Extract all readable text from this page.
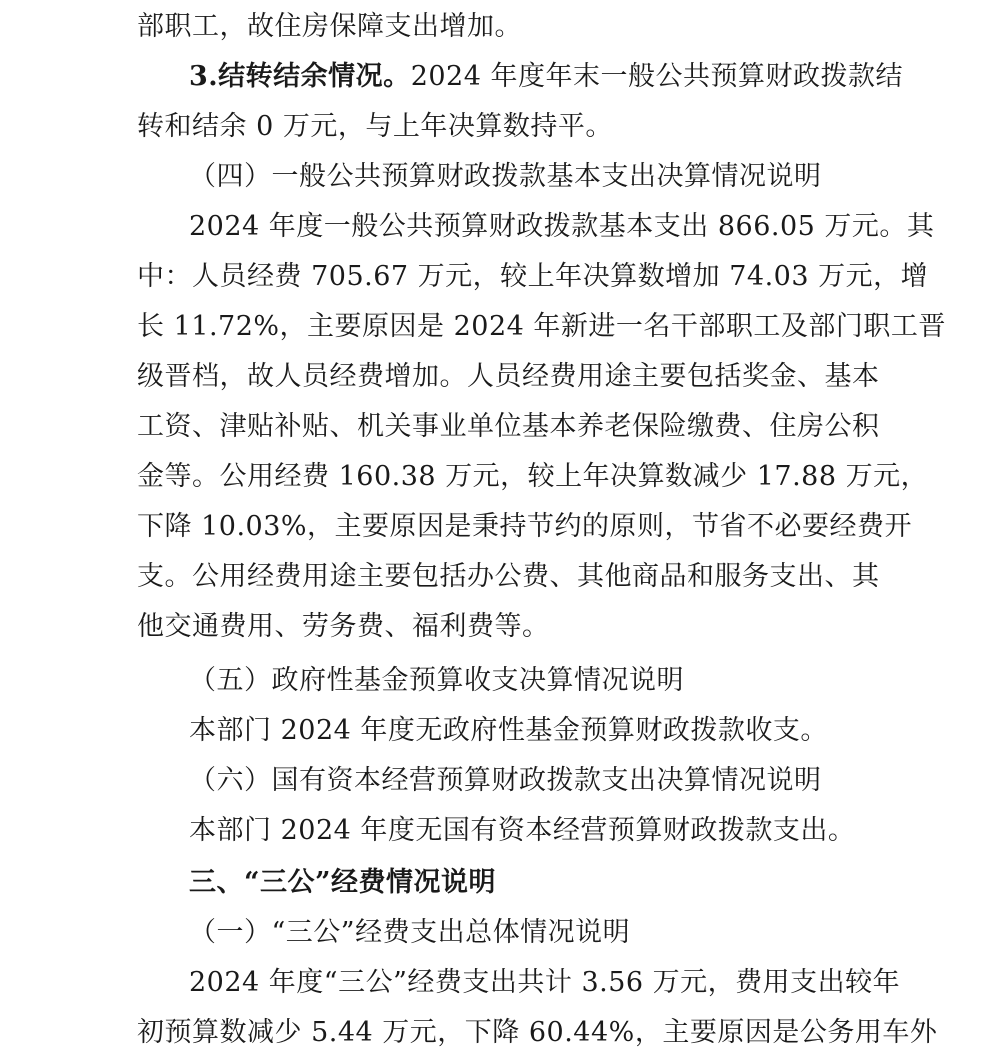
部职工，故住房保障支出增加。
3.结转结余情况。2024 年度年末一般公共预算财政拨款结
转和结余 0 万元，与上年决算数持平。
（四）一般公共预算财政拨款基本支出决算情况说明
2024 年度一般公共预算财政拨款基本支出 866.05 万元。其
中：人员经费 705.67 万元，较上年决算数增加 74.03 万元，增
长 11.72%，主要原因是 2024 年新进一名干部职工及部门职工晋
级晋档，故人员经费增加。人员经费用途主要包括奖金、基本
工资、津贴补贴、机关事业单位基本养老保险缴费、住房公积
金等。公用经费 160.38 万元，较上年决算数减少 17.88 万元，
下降 10.03%，主要原因是秉持节约的原则，节省不必要经费开
支。公用经费用途主要包括办公费、其他商品和服务支出、其
他交通费用、劳务费、福利费等。
（五）政府性基金预算收支决算情况说明
本部门 2024 年度无政府性基金预算财政拨款收支。
（六）国有资本经营预算财政拨款支出决算情况说明
本部门 2024 年度无国有资本经营预算财政拨款支出。
三、“三公”经费情况说明
（一）“三公”经费支出总体情况说明
2024 年度“三公”经费支出共计 3.56 万元，费用支出较年
初预算数减少 5.44 万元，下降 60.44%，主要原因是公务用车外
